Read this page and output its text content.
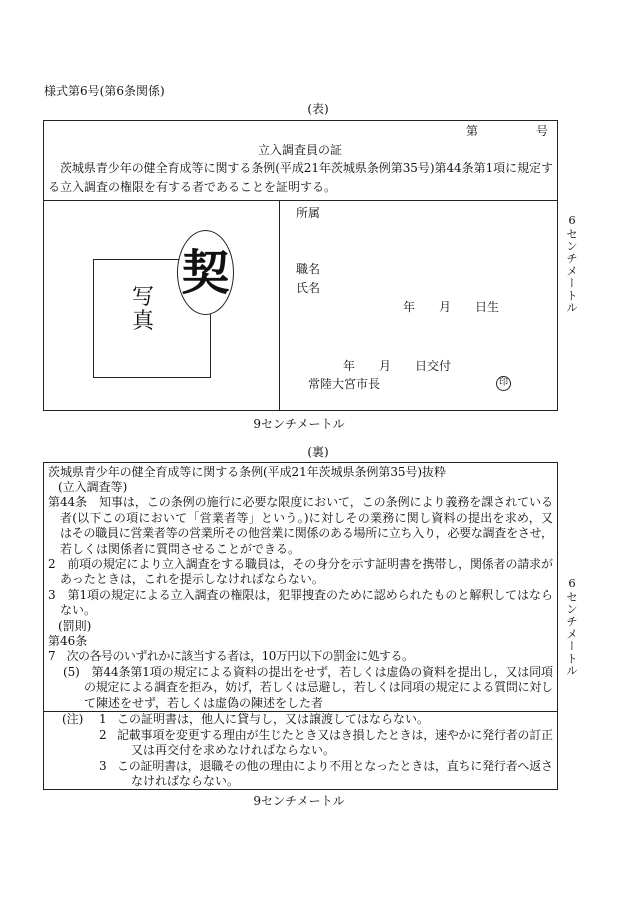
様式第6号(第6条関係)
(表)
第	号
立入調査員の証
　茨城県青少年の健全育成等に関する条例(平成21年茨城県条例第35号)第44条第1項に規定す
る立入調査の権限を有する者であることを証明する。
写
真
契
所属
職名
氏名
年　　月　　日生
年　　月　　日交付
常陸大宮市長	印
6センチメートル
9センチメートル
(裏)
茨城県青少年の健全育成等に関する条例(平成21年茨城県条例第35号)抜粋
(立入調査等)
第44条　知事は，この条例の施行に必要な限度において，この条例により義務を課されている
者(以下この項において「営業者等」という。)に対しその業務に関し資料の提出を求め，又
はその職員に営業者等の営業所その他営業に関係のある場所に立ち入り，必要な調査をさせ，
若しくは関係者に質問させることができる。
2　前項の規定により立入調査をする職員は，その身分を示す証明書を携帯し，関係者の請求が
あったときは，これを提示しなければならない。
3　第1項の規定による立入調査の権限は，犯罪捜査のために認められたものと解釈してはなら
ない。
(罰則)
第46条
7　次の各号のいずれかに該当する者は，10万円以下の罰金に処する。
(5)　第44条第1項の規定による資料の提出をせず，若しくは虚偽の資料を提出し，又は同項
の規定による調査を拒み，妨げ，若しくは忌避し，若しくは同項の規定による質問に対し
て陳述をせず，若しくは虚偽の陳述をした者
(注) 1 この証明書は，他人に貸与し，又は譲渡してはならない。
2 記載事項を変更する理由が生じたとき又はき損したときは，速やかに発行者の訂正
又は再交付を求めなければならない。
3 この証明書は，退職その他の理由により不用となったときは，直ちに発行者へ返さ
なければならない。
6センチメートル
9センチメートル
